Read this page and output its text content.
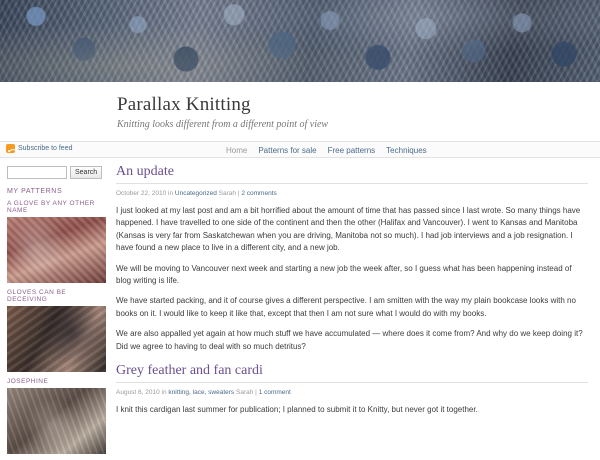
Parallax Knitting

Knitting looks different from a different point of view

Subscribe to feed	Home Patterns for sale Free patterns Techniques
Search
MY PATTERNS
A GLOVE BY ANY OTHER NAME
GLOVES CAN BE DECEIVING
JOSEPHINE
An update

October 22, 2010 in Uncategorized Sarah | 2 comments

I just looked at my last post and am a bit horrified about the amount of time that has passed since I last wrote. So many things have happened. I have travelled to one side of the continent and then the other (Halifax and Vancouver). I went to Kansas and Manitoba (Kansas is very far from Saskatchewan when you are driving, Manitoba not so much). I had job interviews and a job resignation. I have found a new place to live in a different city, and a new job.

We will be moving to Vancouver next week and starting a new job the week after, so I guess what has been happening instead of blog writing is life.

We have started packing, and it of course gives a different perspective. I am smitten with the way my plain bookcase looks with no books on it. I would like to keep it like that, except that then I am not sure what I would do with my books.

We are also appalled yet again at how much stuff we have accumulated — where does it come from? And why do we keep doing it? Did we agree to having to deal with so much detritus?

Grey feather and fan cardi

August 6, 2010 in knitting, lace, sweaters Sarah | 1 comment

I knit this cardigan last summer for publication; I planned to submit it to Knitty, but never got it together.
